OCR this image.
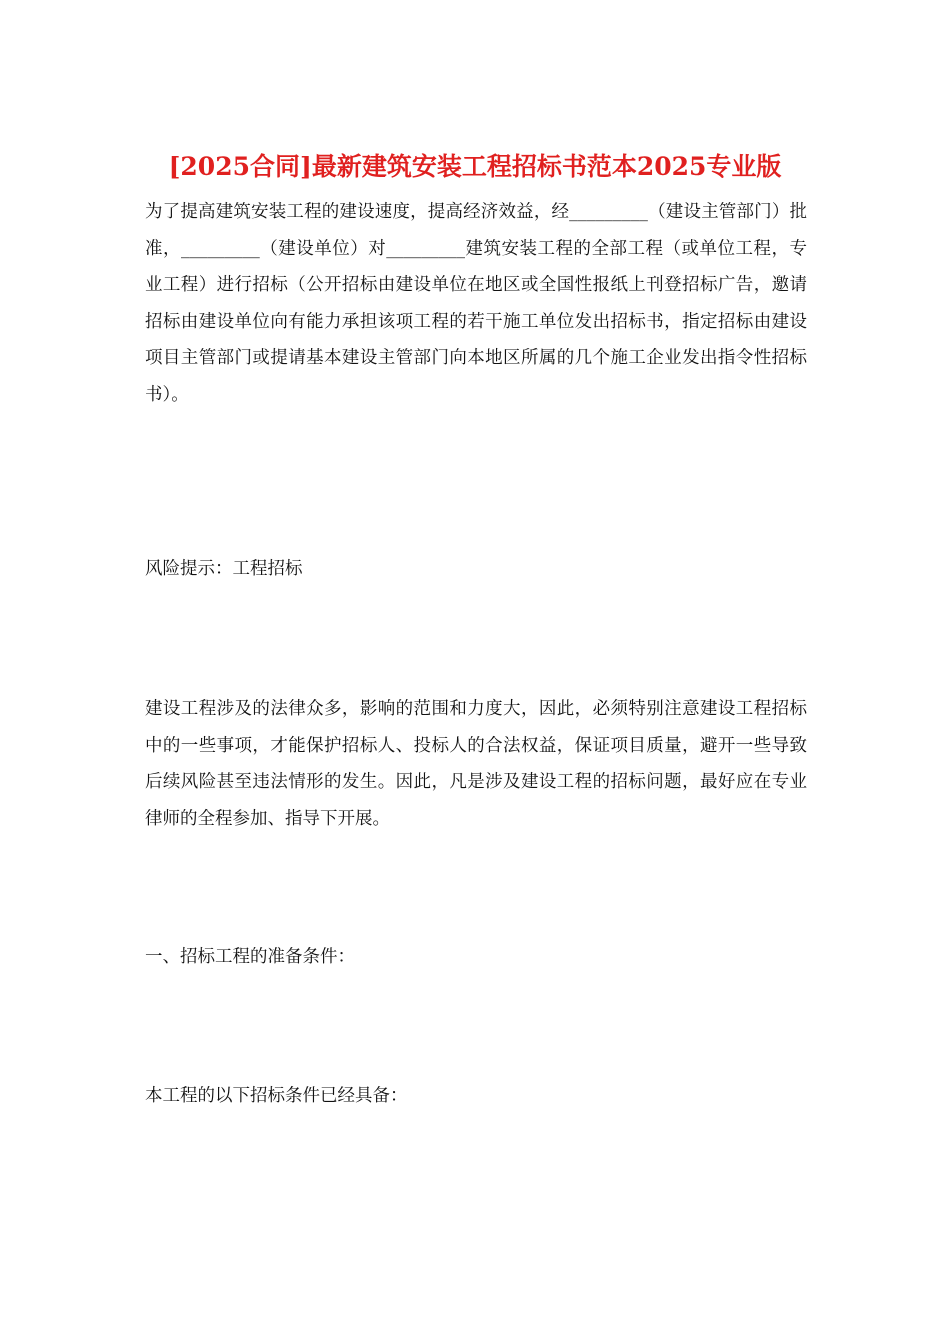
[2025合同]最新建筑安装工程招标书范本2025专业版

为了提高建筑安装工程的建设速度，提高经济效益，经_________（建设主管部门）批准，_________（建设单位）对_________建筑安装工程的全部工程（或单位工程，专业工程）进行招标（公开招标由建设单位在地区或全国性报纸上刊登招标广告，邀请招标由建设单位向有能力承担该项工程的若干施工单位发出招标书，指定招标由建设项目主管部门或提请基本建设主管部门向本地区所属的几个施工企业发出指令性招标书）。

风险提示：工程招标

建设工程涉及的法律众多，影响的范围和力度大，因此，必须特别注意建设工程招标中的一些事项，才能保护招标人、投标人的合法权益，保证项目质量，避开一些导致后续风险甚至违法情形的发生。因此，凡是涉及建设工程的招标问题，最好应在专业律师的全程参加、指导下开展。

一、招标工程的准备条件：

本工程的以下招标条件已经具备：
